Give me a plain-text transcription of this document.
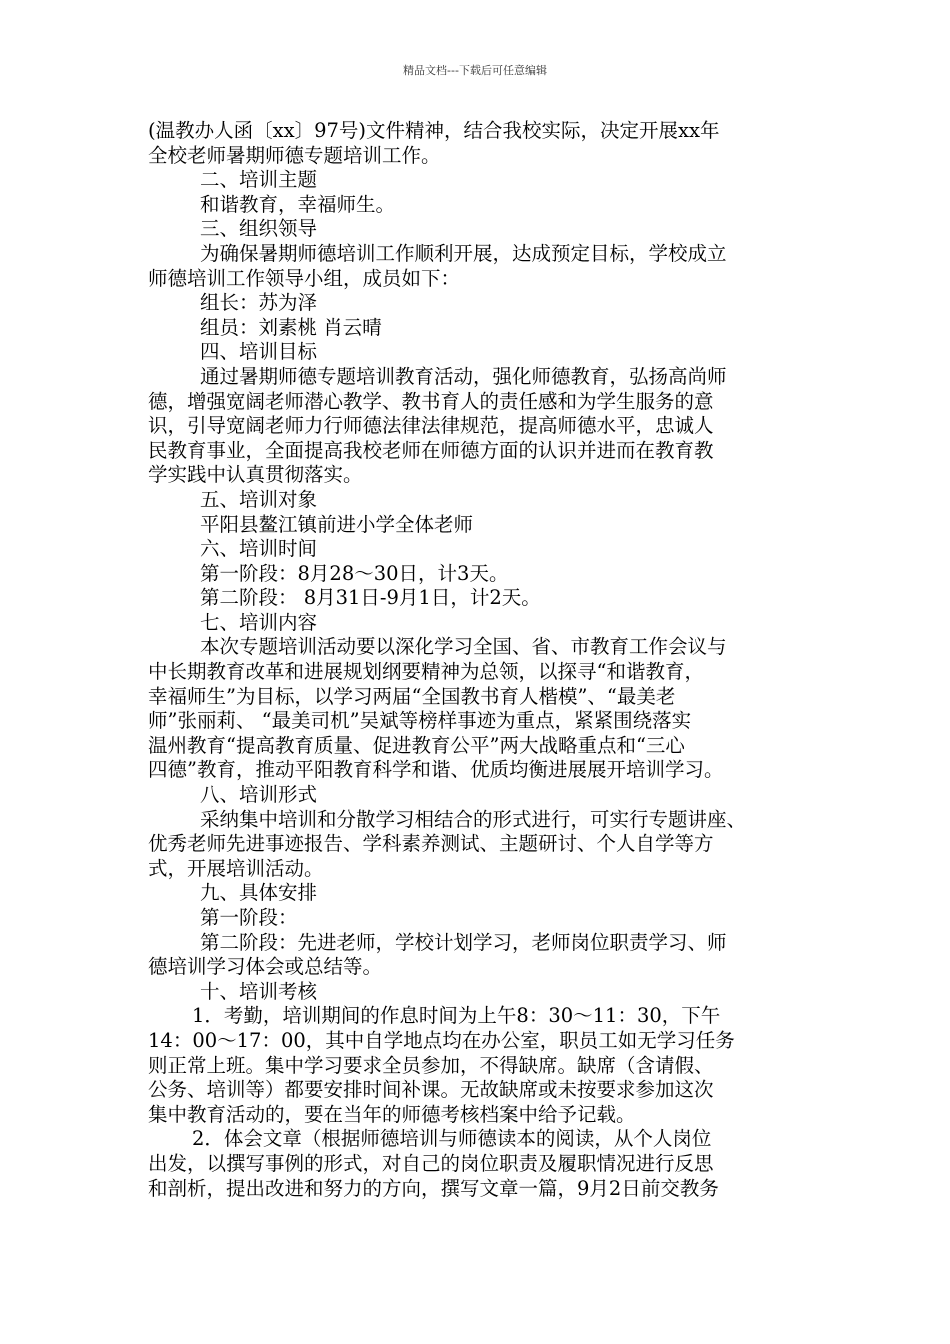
精品文档---下载后可任意编辑
(温教办人函〔xx〕97号)文件精神，结合我校实际，决定开展xx年
全校老师暑期师德专题培训工作。
二、培训主题
和谐教育，幸福师生。
三、组织领导
为确保暑期师德培训工作顺利开展，达成预定目标，学校成立
师德培训工作领导小组，成员如下：
组长：苏为泽
组员：刘素桃 肖云晴
四、培训目标
通过暑期师德专题培训教育活动，强化师德教育，弘扬高尚师
德，增强宽阔老师潜心教学、教书育人的责任感和为学生服务的意
识，引导宽阔老师力行师德法律法律规范，提高师德水平，忠诚人
民教育事业，全面提高我校老师在师德方面的认识并进而在教育教
学实践中认真贯彻落实。
五、培训对象
平阳县鳌江镇前进小学全体老师
六、培训时间
第一阶段：8月28～30日，计3天。
第二阶段： 8月31日-9月1日，计2天。
七、培训内容
本次专题培训活动要以深化学习全国、省、市教育工作会议与
中长期教育改革和进展规划纲要精神为总领，以探寻“和谐教育，
幸福师生”为目标，以学习两届“全国教书育人楷模”、“最美老
师”张丽莉、 “最美司机”吴斌等榜样事迹为重点，紧紧围绕落实
温州教育“提高教育质量、促进教育公平”两大战略重点和“三心
四德”教育，推动平阳教育科学和谐、优质均衡进展展开培训学习。
八、培训形式
采纳集中培训和分散学习相结合的形式进行，可实行专题讲座、
优秀老师先进事迹报告、学科素养测试、主题研讨、个人自学等方
式，开展培训活动。
九、具体安排
第一阶段：
第二阶段：先进老师，学校计划学习，老师岗位职责学习、师
德培训学习体会或总结等。
十、培训考核
1．考勤，培训期间的作息时间为上午8：30～11：30，下午
14：00～17：00，其中自学地点均在办公室，职员工如无学习任务
则正常上班。集中学习要求全员参加，不得缺席。缺席（含请假、
公务、培训等）都要安排时间补课。无故缺席或未按要求参加这次
集中教育活动的，要在当年的师德考核档案中给予记载。
2．体会文章（根据师德培训与师德读本的阅读，从个人岗位
出发，以撰写事例的形式，对自己的岗位职责及履职情况进行反思
和剖析，提出改进和努力的方向，撰写文章一篇，9月2日前交教务
